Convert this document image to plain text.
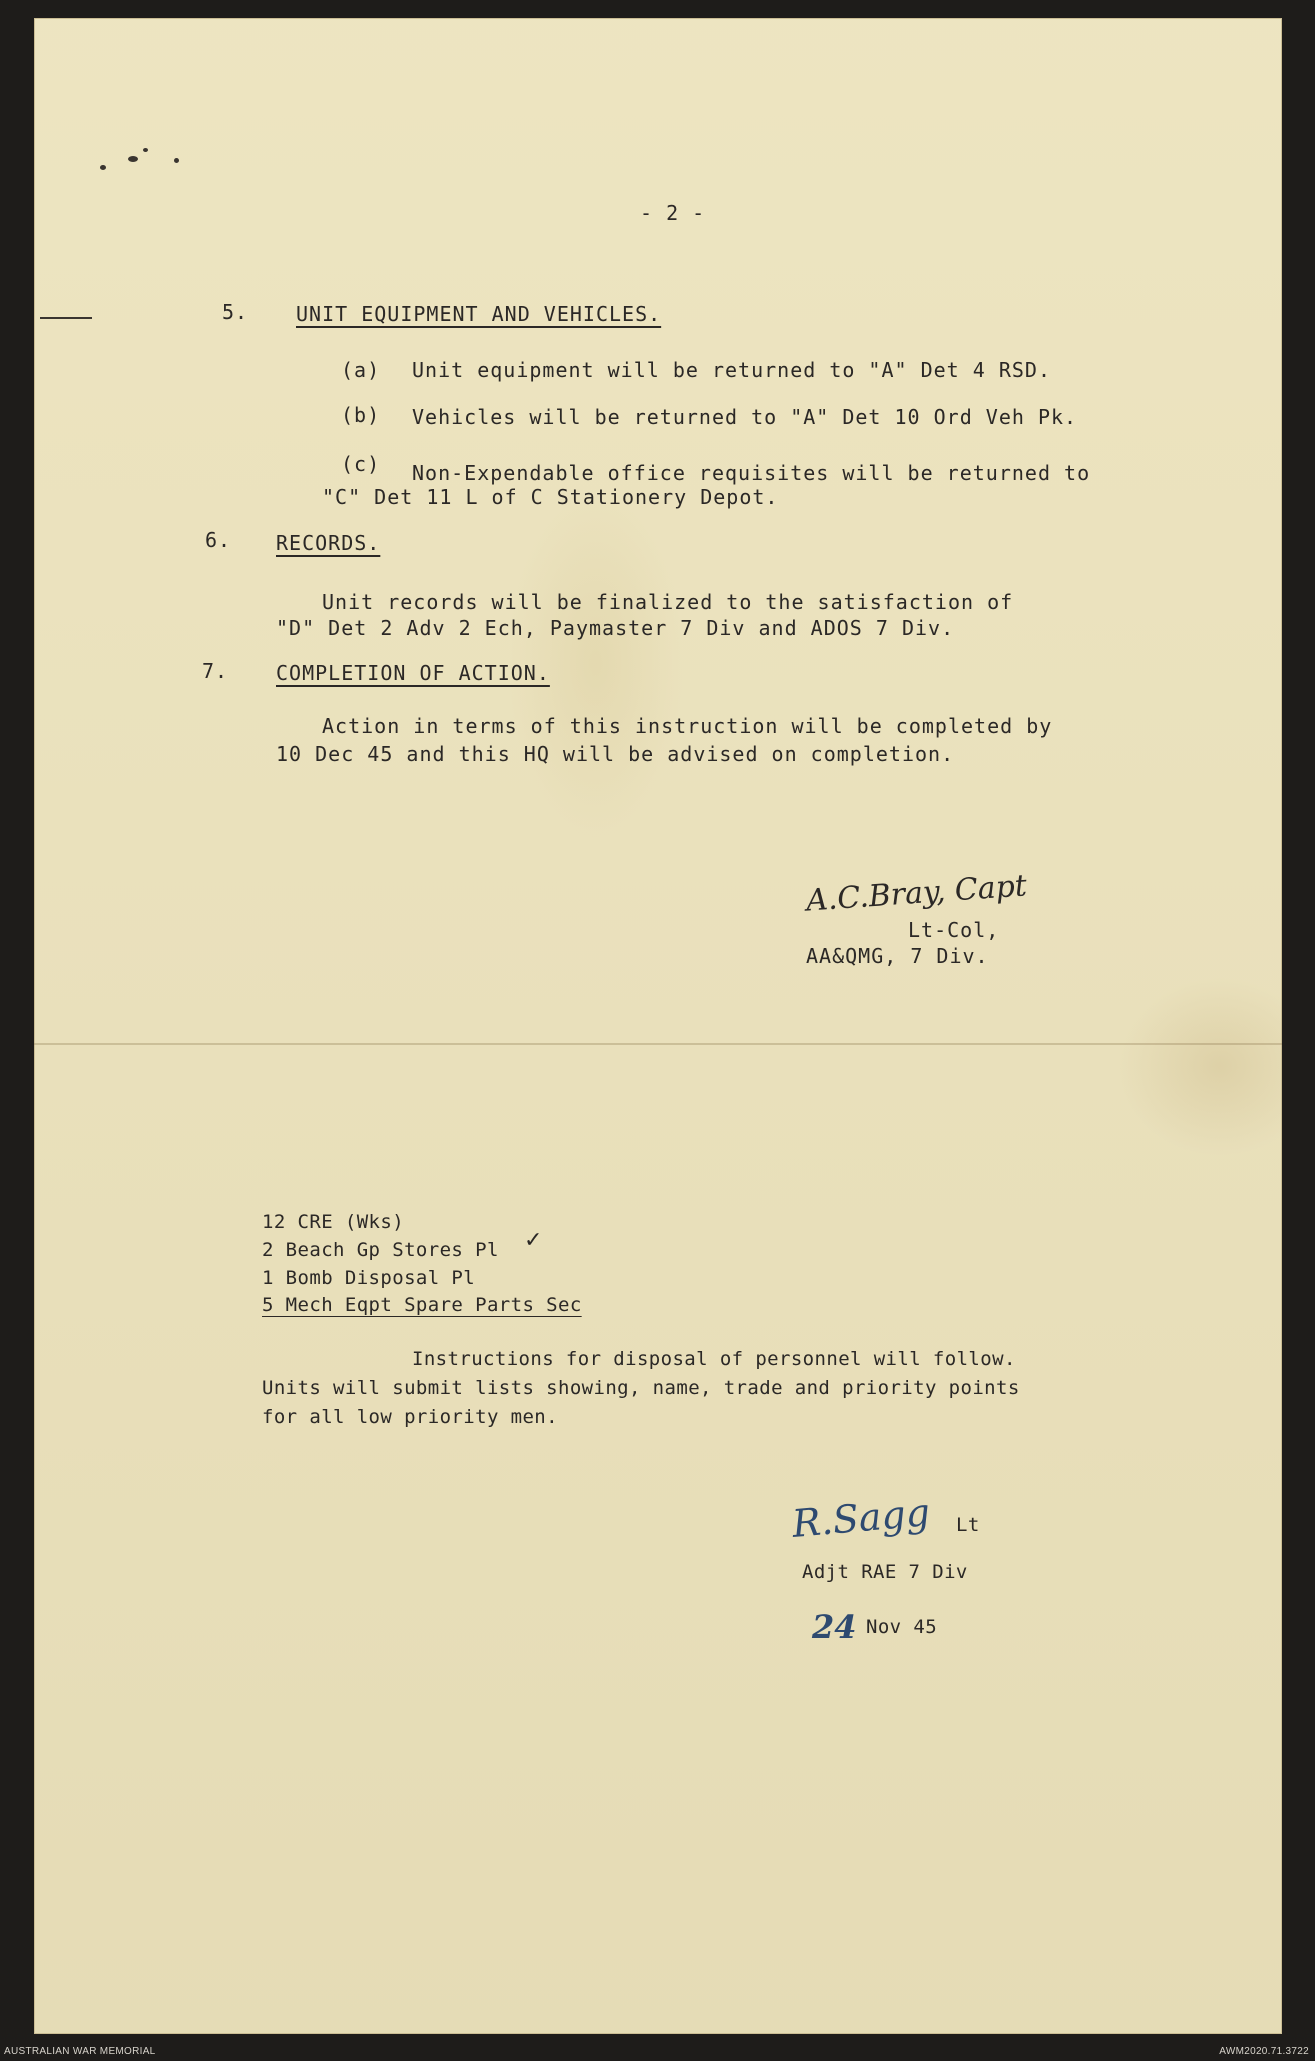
- 2 -
5. UNIT EQUIPMENT AND VEHICLES.
(a) Unit equipment will be returned to "A" Det 4 RSD.
(b) Vehicles will be returned to "A" Det 10 Ord Veh Pk.
(c) Non-Expendable office requisites will be returned to
"C" Det 11 L of C Stationery Depot.
6. RECORDS.
Unit records will be finalized to the satisfaction of
"D" Det 2 Adv 2 Ech, Paymaster 7 Div and ADOS 7 Div.
7. COMPLETION OF ACTION.
Action in terms of this instruction will be completed by
10 Dec 45 and this HQ will be advised on completion.
A.C.Bray, Capt
Lt-Col,
AA&QMG, 7 Div.
12 CRE (Wks)
2 Beach Gp Stores Pl ✓
1 Bomb Disposal Pl
5 Mech Eqpt Spare Parts Sec
Instructions for disposal of personnel will follow.
Units will submit lists showing, name, trade and priority points
for all low priority men.
R.Sagg Lt
Adjt RAE 7 Div
24 Nov 45
AUSTRALIAN WAR MEMORIAL	AWM2020.71.3722
